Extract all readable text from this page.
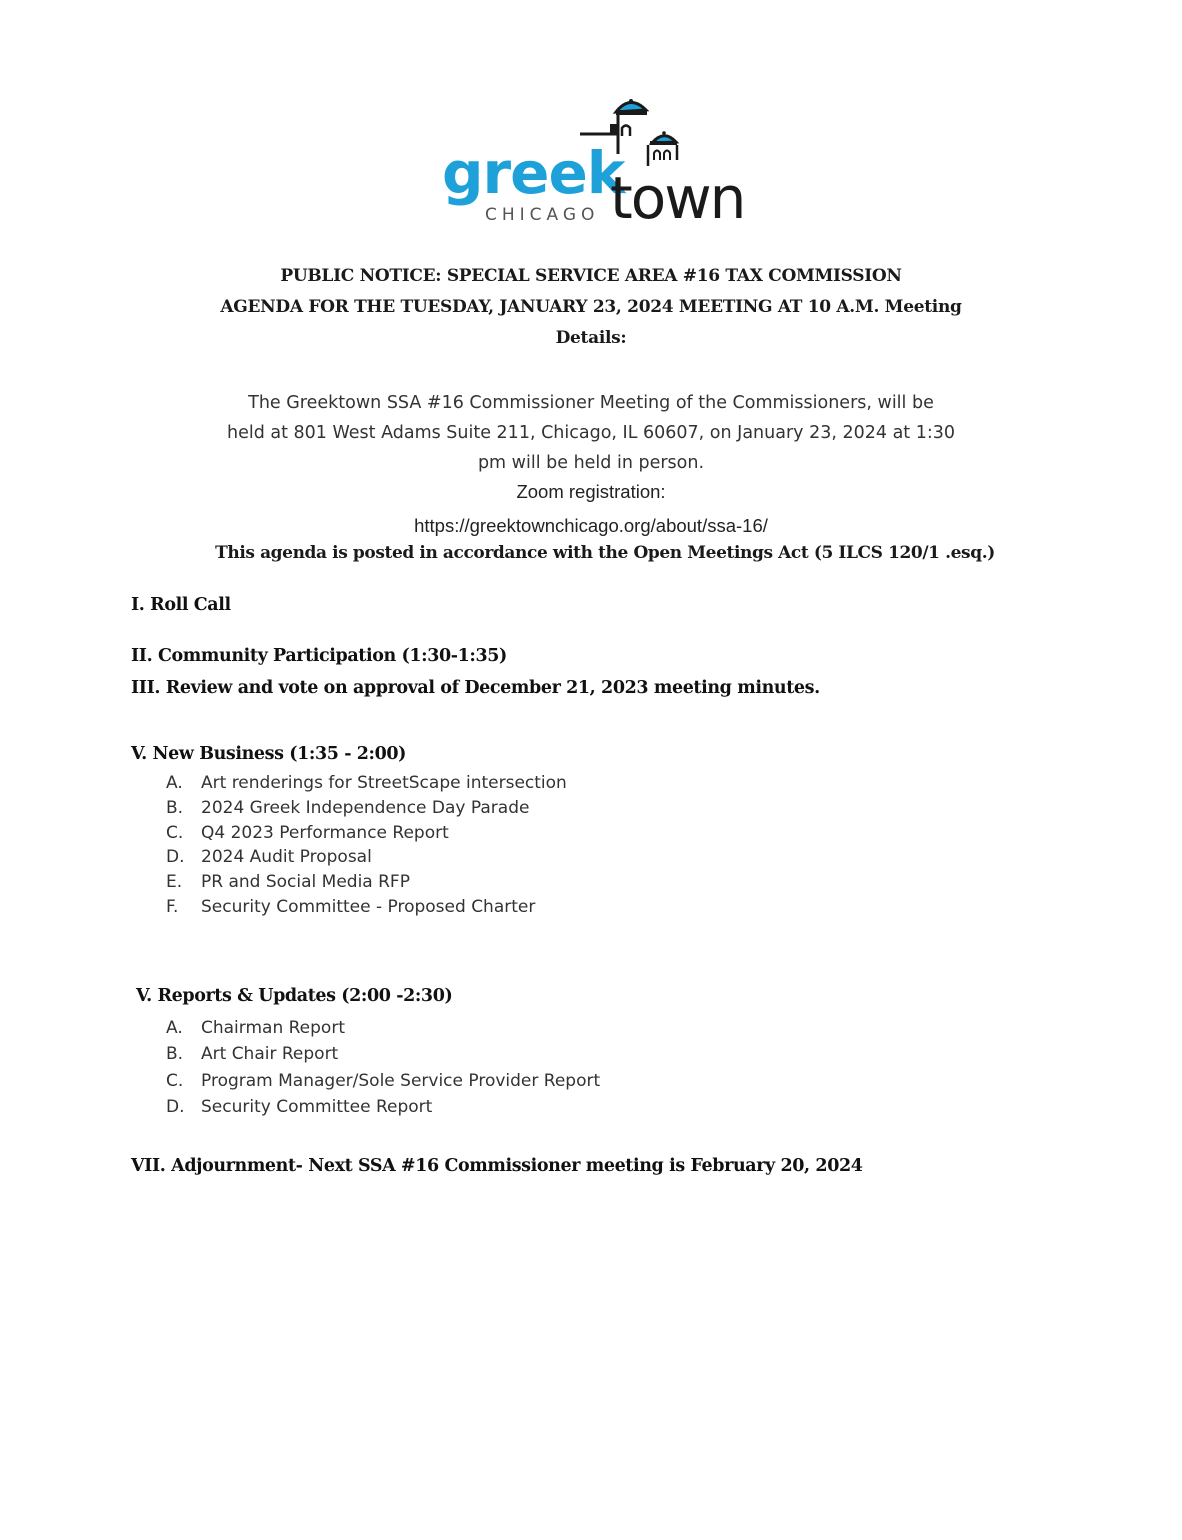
greek
town
CHICAGO
PUBLIC NOTICE: SPECIAL SERVICE AREA #16 TAX COMMISSION
AGENDA FOR THE TUESDAY, JANUARY 23, 2024 MEETING AT 10 A.M. Meeting
Details:
The Greektown SSA #16 Commissioner Meeting of the Commissioners, will be
held at 801 West Adams Suite 211, Chicago, IL 60607, on January 23, 2024 at 1:30
pm will be held in person.
Zoom registration:
https://greektownchicago.org/about/ssa-16/
This agenda is posted in accordance with the Open Meetings Act (5 ILCS 120/1 .esq.)
I. Roll Call
II. Community Participation (1:30-1:35)
III. Review and vote on approval of December 21, 2023 meeting minutes.
V. New Business (1:35 - 2:00)
A. Art renderings for StreetScape intersection
B. 2024 Greek Independence Day Parade
C. Q4 2023 Performance Report
D. 2024 Audit Proposal
E. PR and Social Media RFP
F. Security Committee - Proposed Charter
V. Reports & Updates (2:00 -2:30)
A. Chairman Report
B. Art Chair Report
C. Program Manager/Sole Service Provider Report
D. Security Committee Report
VII. Adjournment- Next SSA #16 Commissioner meeting is February 20, 2024
